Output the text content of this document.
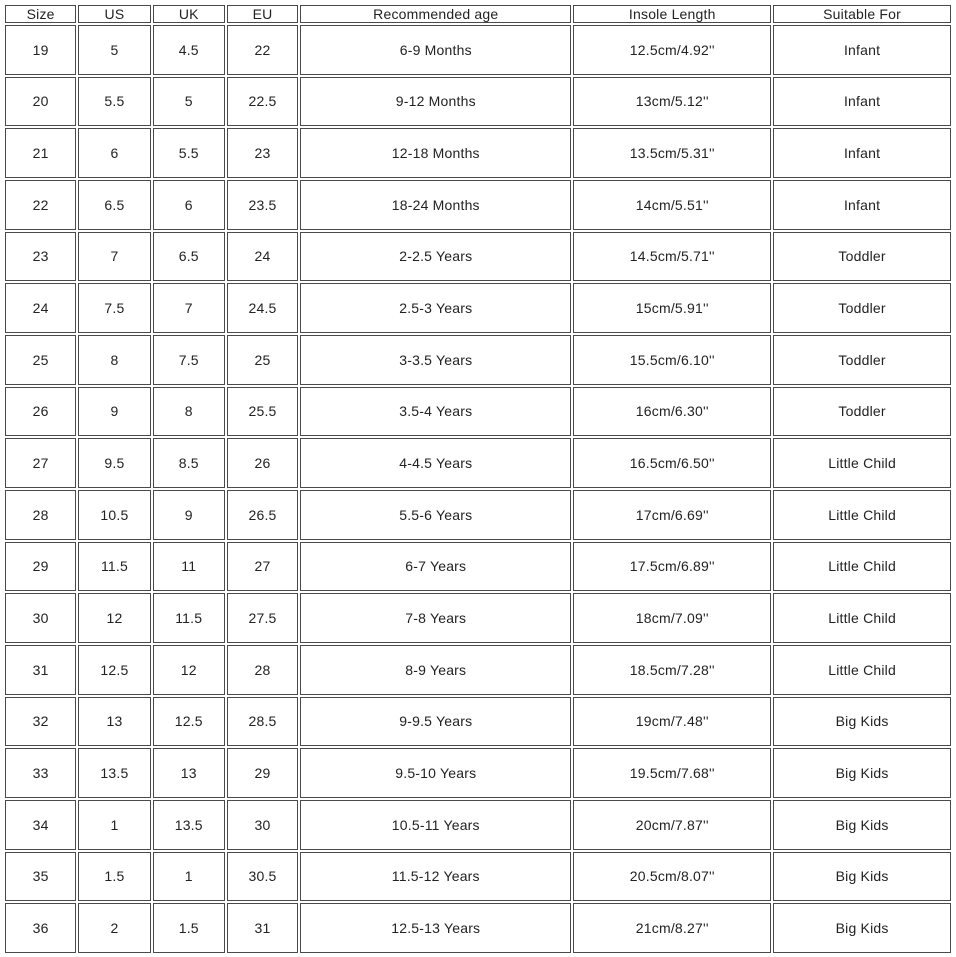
Size	US	UK	EU	Recommended age	Insole Length	Suitable For
19	5	4.5	22	6-9 Months	12.5cm/4.92''	Infant
20	5.5	5	22.5	9-12 Months	13cm/5.12''	Infant
21	6	5.5	23	12-18 Months	13.5cm/5.31''	Infant
22	6.5	6	23.5	18-24 Months	14cm/5.51''	Infant
23	7	6.5	24	2-2.5 Years	14.5cm/5.71''	Toddler
24	7.5	7	24.5	2.5-3 Years	15cm/5.91''	Toddler
25	8	7.5	25	3-3.5 Years	15.5cm/6.10''	Toddler
26	9	8	25.5	3.5-4 Years	16cm/6.30''	Toddler
27	9.5	8.5	26	4-4.5 Years	16.5cm/6.50''	Little Child
28	10.5	9	26.5	5.5-6 Years	17cm/6.69''	Little Child
29	11.5	11	27	6-7 Years	17.5cm/6.89''	Little Child
30	12	11.5	27.5	7-8 Years	18cm/7.09''	Little Child
31	12.5	12	28	8-9 Years	18.5cm/7.28''	Little Child
32	13	12.5	28.5	9-9.5 Years	19cm/7.48''	Big Kids
33	13.5	13	29	9.5-10 Years	19.5cm/7.68''	Big Kids
34	1	13.5	30	10.5-11 Years	20cm/7.87''	Big Kids
35	1.5	1	30.5	11.5-12 Years	20.5cm/8.07''	Big Kids
36	2	1.5	31	12.5-13 Years	21cm/8.27''	Big Kids
